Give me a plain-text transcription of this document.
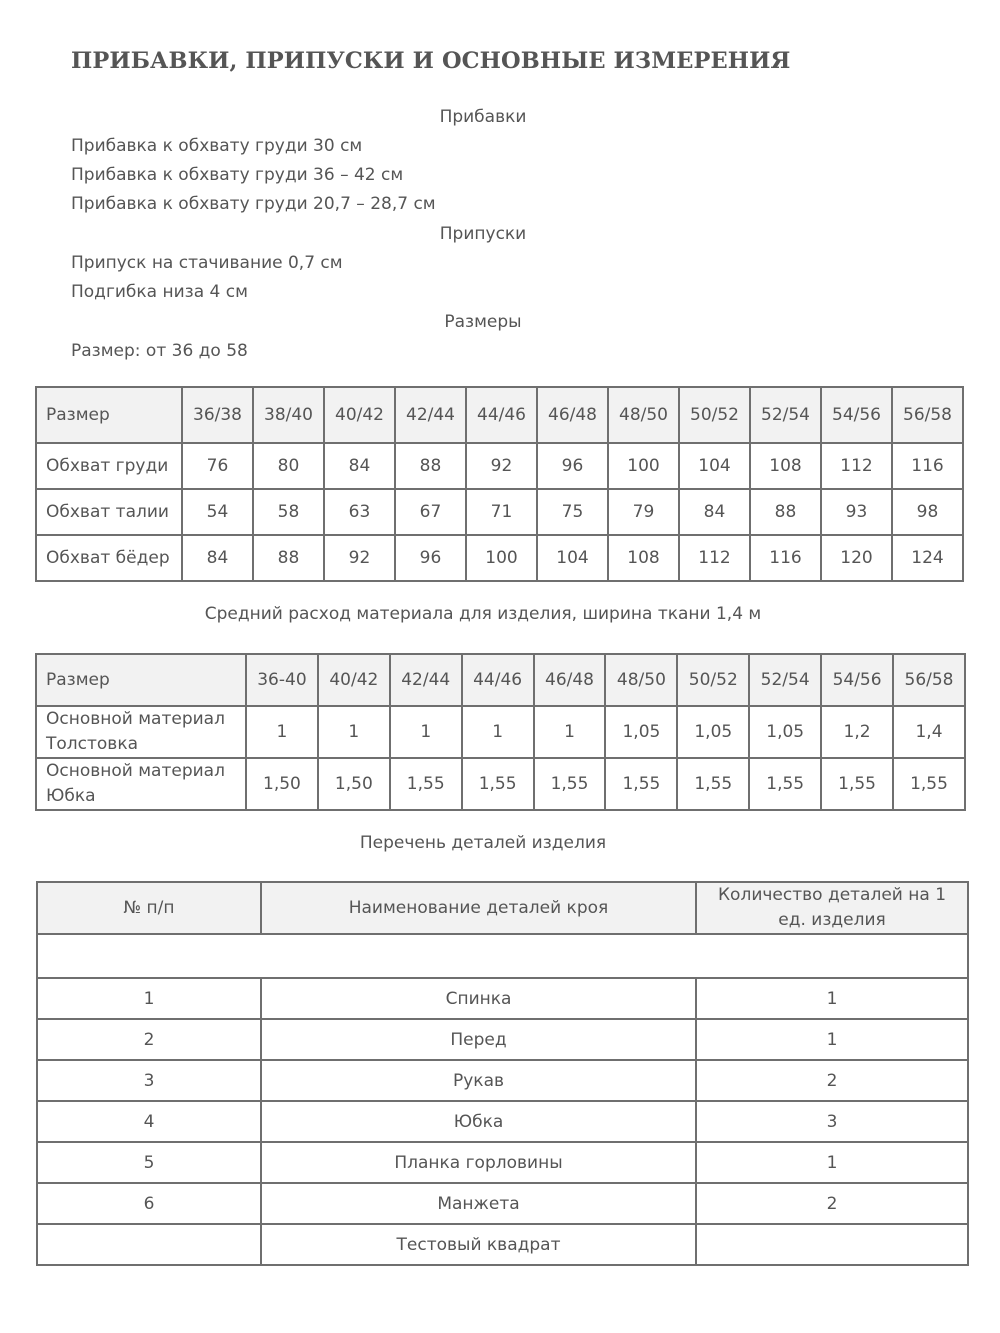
ПРИБАВКИ, ПРИПУСКИ И ОСНОВНЫЕ ИЗМЕРЕНИЯ
Прибавки
Прибавка к обхвату груди 30 см
Прибавка к обхвату груди 36 – 42 см
Прибавка к обхвату груди 20,7 – 28,7 см
Припуски
Припуск на стачивание 0,7 см
Подгибка низа 4 см
Размеры
Размер: от 36 до 58
Размер	36/38	38/40	40/42	42/44	44/46	46/48	48/50	50/52	52/54	54/56	56/58
Обхват груди	76	80	84	88	92	96	100	104	108	112	116
Обхват талии	54	58	63	67	71	75	79	84	88	93	98
Обхват бёдер	84	88	92	96	100	104	108	112	116	120	124
Средний расход материала для изделия, ширина ткани 1,4 м
Размер	36-40	40/42	42/44	44/46	46/48	48/50	50/52	52/54	54/56	56/58
Основной материал
Толстовка	1	1	1	1	1	1,05	1,05	1,05	1,2	1,4
Основной материал
Юбка	1,50	1,50	1,55	1,55	1,55	1,55	1,55	1,55	1,55	1,55
Перечень деталей изделия
№ п/п	Наименование деталей кроя	Количество деталей на 1
ед. изделия

1	Спинка	1
2	Перед	1
3	Рукав	2
4	Юбка	3
5	Планка горловины	1
6	Манжета	2
	Тестовый квадрат	
